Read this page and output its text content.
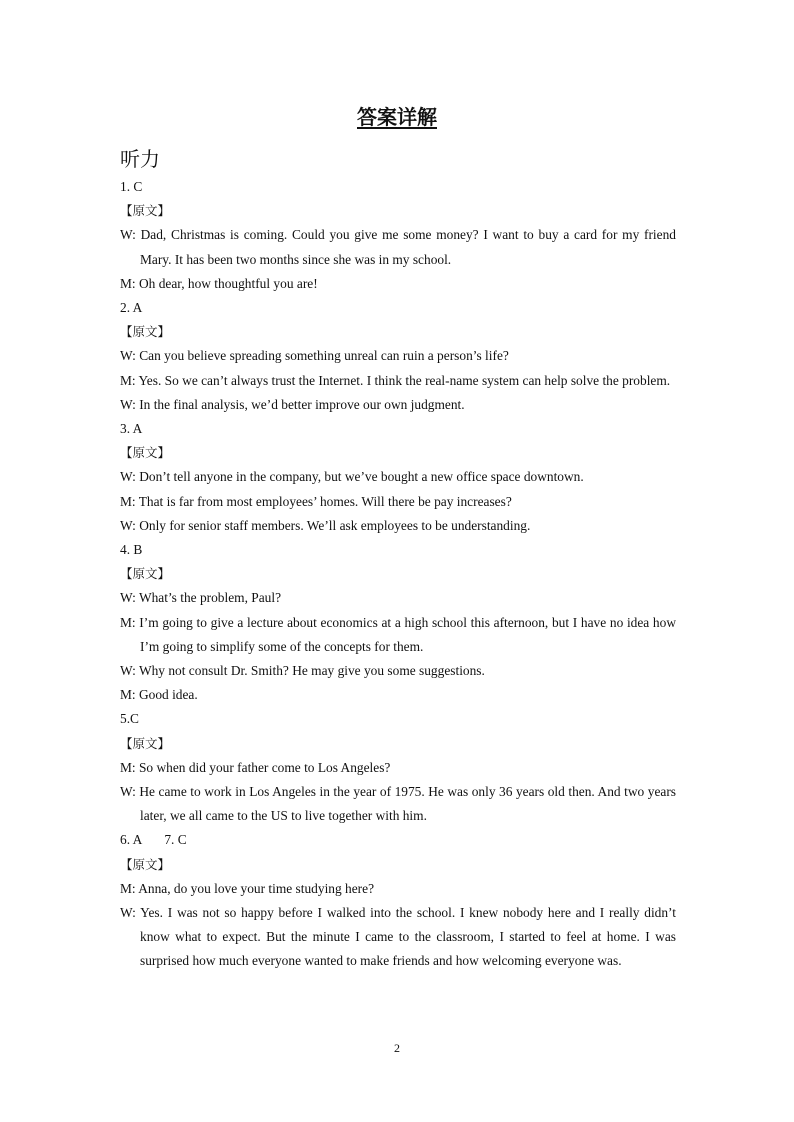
答案详解
听力
1. C
【原文】
W: Dad, Christmas is coming. Could you give me some money? I want to buy a card for my friend Mary. It has been two months since she was in my school.
M: Oh dear, how thoughtful you are!
2. A
【原文】
W: Can you believe spreading something unreal can ruin a person’s life?
M: Yes. So we can’t always trust the Internet. I think the real-name system can help solve the problem.
W: In the final analysis, we’d better improve our own judgment.
3. A
【原文】
W: Don’t tell anyone in the company, but we’ve bought a new office space downtown.
M: That is far from most employees’ homes. Will there be pay increases?
W: Only for senior staff members. We’ll ask employees to be understanding.
4. B
【原文】
W: What’s the problem, Paul?
M: I’m going to give a lecture about economics at a high school this afternoon, but I have no idea how I’m going to simplify some of the concepts for them.
W: Why not consult Dr. Smith? He may give you some suggestions.
M: Good idea.
5.C
【原文】
M: So when did your father come to Los Angeles?
W: He came to work in Los Angeles in the year of 1975. He was only 36 years old then. And two years later, we all came to the US to live together with him.
6. A 7. C
【原文】
M: Anna, do you love your time studying here?
W: Yes. I was not so happy before I walked into the school. I knew nobody here and I really didn’t know what to expect. But the minute I came to the classroom, I started to feel at home. I was surprised how much everyone wanted to make friends and how welcoming everyone was.
2
